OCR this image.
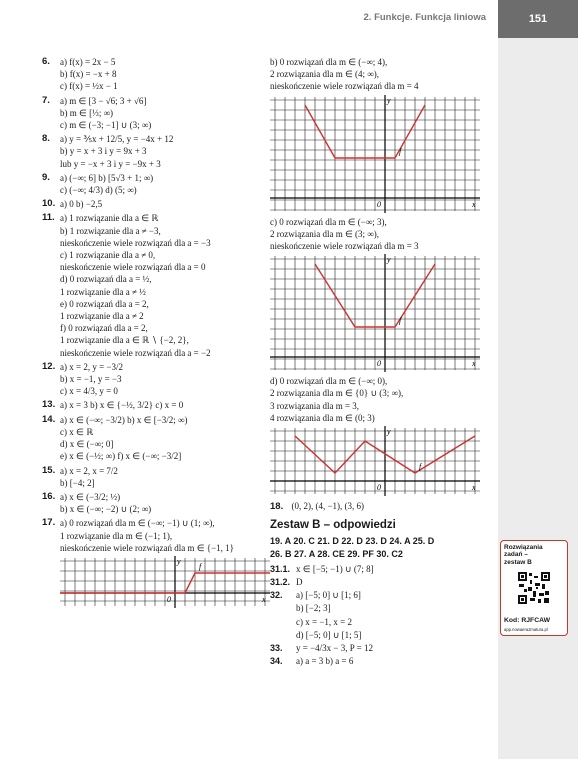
2. Funkcje. Funkcja liniowa	151
6. a) f(x) = 2x − 5
b) f(x) = −x + 8
c) f(x) = ½x − 1
7. a) m ∈ [3 − √6; 3 + √6]
b) m ∈ [⅓; ∞)
c) m ∈ (−3; −1] ∪ (3; ∞)
8. a) y = ⅗x + 12/5, y = −4x + 12
b) y = x + 3 i y = 9x + 3
lub y = −x + 3 i y = −9x + 3
9. a) (−∞; 6] b) [5√3 + 1; ∞)
c) (−∞; 4/3) d) (5; ∞)
10. a) 0 b) −2,5
11. a) 1 rozwiązanie dla a ∈ ℝ
b) 1 rozwiązanie dla a ≠ −3,
nieskończenie wiele rozwiązań dla a = −3
c) 1 rozwiązanie dla a ≠ 0,
nieskończenie wiele rozwiązań dla a = 0
d) 0 rozwiązań dla a = ½,
1 rozwiązanie dla a ≠ ½
e) 0 rozwiązań dla a = 2,
1 rozwiązanie dla a ≠ 2
f) 0 rozwiązań dla a = 2,
1 rozwiązanie dla a ∈ ℝ ∖ {−2, 2},
nieskończenie wiele rozwiązań dla a = −2
12. a) x = 2, y = −3/2
b) x = −1, y = −3
c) x = 4/3, y = 0
13. a) x = 3 b) x ∈ {−½, 3/2} c) x = 0
14. a) x ∈ (−∞; −3/2) b) x ∈ [−3/2; ∞)
c) x ∈ ℝ
d) x ∈ (−∞; 0]
e) x ∈ (−½; ∞) f) x ∈ (−∞; −3/2]
15. a) x = 2, x = 7/2
b) [−4; 2]
16. a) x ∈ (−3/2; ½)
b) x ∈ (−∞; −2) ∪ (2; ∞)
17. a) 0 rozwiązań dla m ∈ (−∞; −1) ∪ (1; ∞),
1 rozwiązanie dla m ∈ (−1; 1),
nieskończenie wiele rozwiązań dla m ∈ {−1, 1}
y
x
0
f
b) 0 rozwiązań dla m ∈ (−∞; 4),
2 rozwiązania dla m ∈ (4; ∞),
nieskończenie wiele rozwiązań dla m = 4
y
x
0
f
c) 0 rozwiązań dla m ∈ (−∞; 3),
2 rozwiązania dla m ∈ (3; ∞),
nieskończenie wiele rozwiązań dla m = 3
y
x
0
f
d) 0 rozwiązań dla m ∈ (−∞; 0),
2 rozwiązania dla m ∈ {0} ∪ (3; ∞),
3 rozwiązania dla m = 3,
4 rozwiązania dla m ∈ (0; 3)
y
x
0
f
18. (0, 2), (4, −1), (3, 6)
Zestaw B – odpowiedzi
19. A 20. C 21. D 22. D 23. D 24. A 25. D
26. B 27. A 28. CE 29. PF 30. C2
31.1. x ∈ [−5; −1) ∪ (7; 8]
31.2. D
32. a) [−5; 0] ∪ [1; 6]
b) [−2; 3]
c) x = −1, x = 2
d) [−5; 0] ∪ [1; 5]
33. y = −4/3x − 3, P = 12
34. a) a = 3 b) a = 6
Rozwiązania zadań – zestaw B
Kod: RJFCAW
app.nowaerazmatura.pl
